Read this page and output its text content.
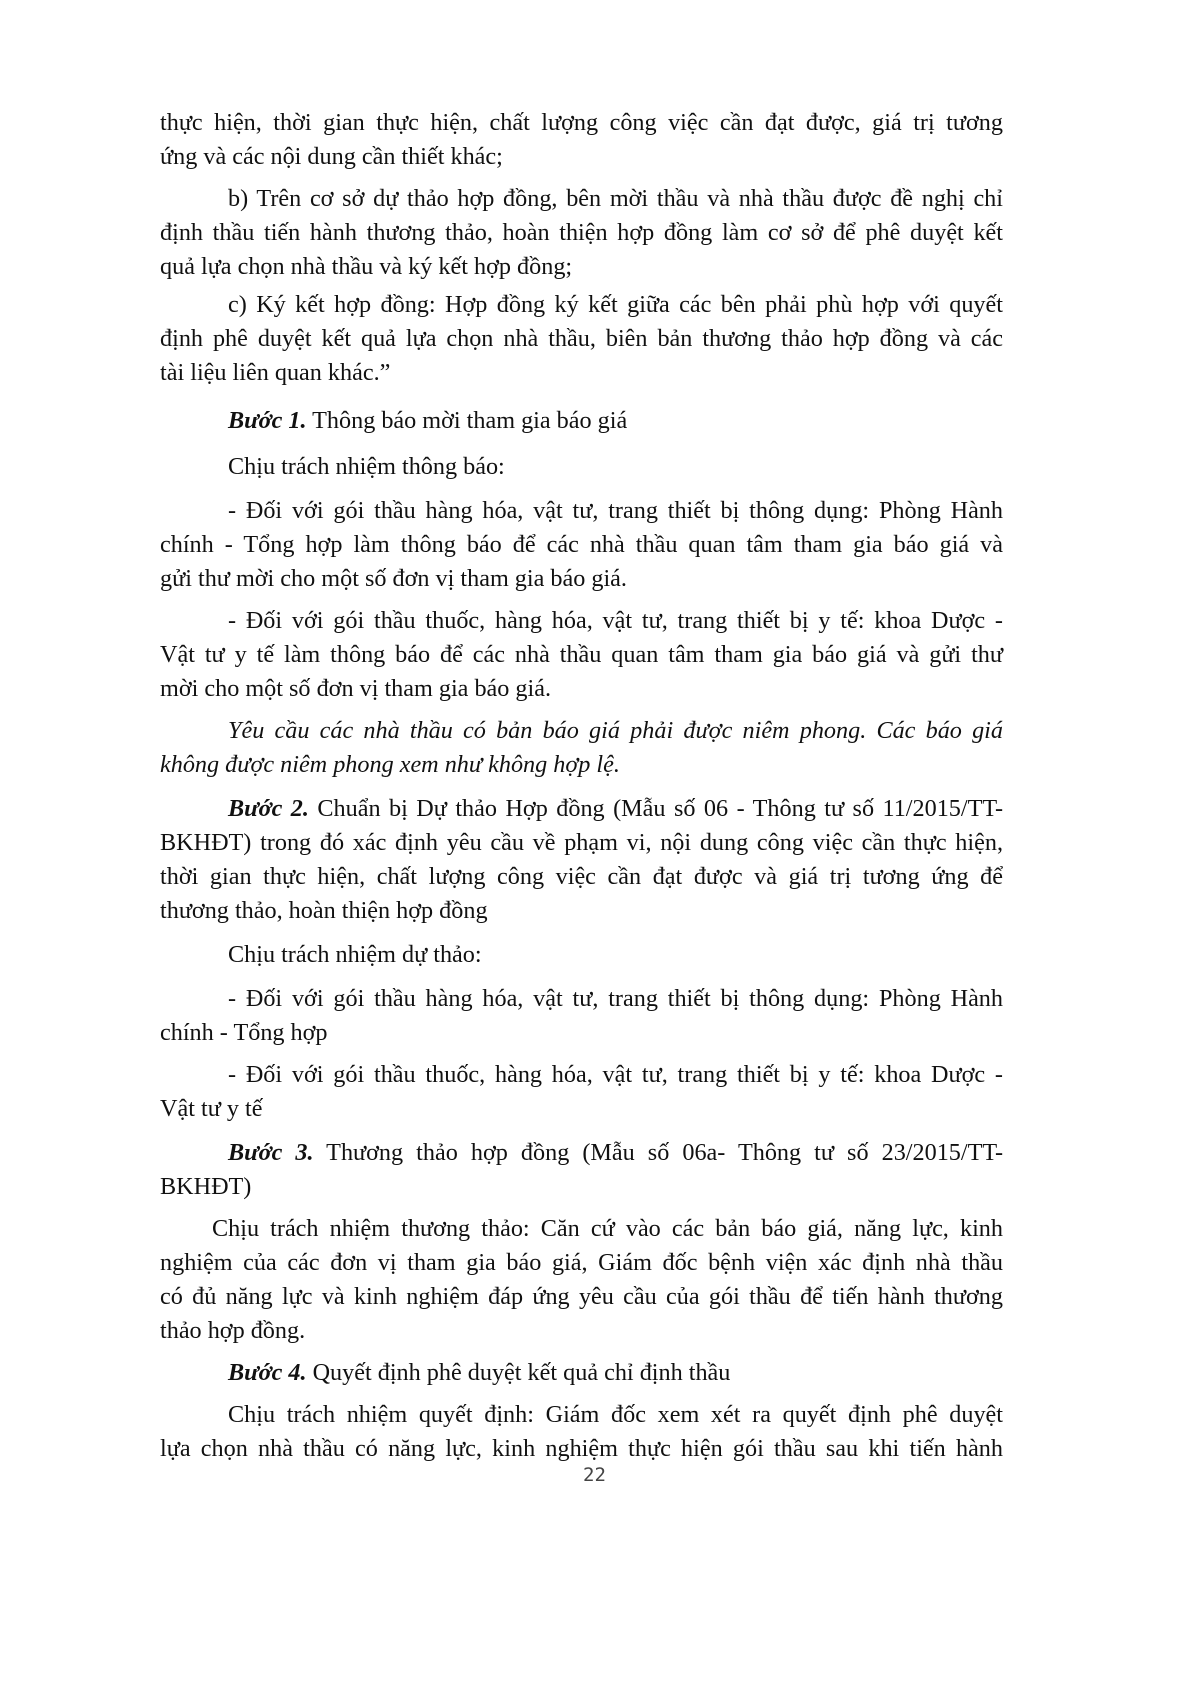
thực hiện, thời gian thực hiện, chất lượng công việc cần đạt được, giá trị tương
ứng và các nội dung cần thiết khác;
b) Trên cơ sở dự thảo hợp đồng, bên mời thầu và nhà thầu được đề nghị chỉ
định thầu tiến hành thương thảo, hoàn thiện hợp đồng làm cơ sở để phê duyệt kết
quả lựa chọn nhà thầu và ký kết hợp đồng;
c) Ký kết hợp đồng: Hợp đồng ký kết giữa các bên phải phù hợp với quyết
định phê duyệt kết quả lựa chọn nhà thầu, biên bản thương thảo hợp đồng và các
tài liệu liên quan khác.”
Bước 1. Thông báo mời tham gia báo giá
Chịu trách nhiệm thông báo:
- Đối với gói thầu hàng hóa, vật tư, trang thiết bị thông dụng: Phòng Hành
chính - Tổng hợp làm thông báo để các nhà thầu quan tâm tham gia báo giá và
gửi thư mời cho một số đơn vị tham gia báo giá.
- Đối với gói thầu thuốc, hàng hóa, vật tư, trang thiết bị y tế: khoa Dược -
Vật tư y tế làm thông báo để các nhà thầu quan tâm tham gia báo giá và gửi thư
mời cho một số đơn vị tham gia báo giá.
Yêu cầu các nhà thầu có bản báo giá phải được niêm phong. Các báo giá
không được niêm phong xem như không hợp lệ.
Bước 2. Chuẩn bị Dự thảo Hợp đồng (Mẫu số 06 - Thông tư số 11/2015/TT-
BKHĐT) trong đó xác định yêu cầu về phạm vi, nội dung công việc cần thực hiện,
thời gian thực hiện, chất lượng công việc cần đạt được và giá trị tương ứng để
thương thảo, hoàn thiện hợp đồng
Chịu trách nhiệm dự thảo:
- Đối với gói thầu hàng hóa, vật tư, trang thiết bị thông dụng: Phòng Hành
chính - Tổng hợp
- Đối với gói thầu thuốc, hàng hóa, vật tư, trang thiết bị y tế: khoa Dược -
Vật tư y tế
Bước 3. Thương thảo hợp đồng (Mẫu số 06a- Thông tư số 23/2015/TT-
BKHĐT)
Chịu trách nhiệm thương thảo: Căn cứ vào các bản báo giá, năng lực, kinh
nghiệm của các đơn vị tham gia báo giá, Giám đốc bệnh viện xác định nhà thầu
có đủ năng lực và kinh nghiệm đáp ứng yêu cầu của gói thầu để tiến hành thương
thảo hợp đồng.
Bước 4. Quyết định phê duyệt kết quả chỉ định thầu
Chịu trách nhiệm quyết định: Giám đốc xem xét ra quyết định phê duyệt
lựa chọn nhà thầu có năng lực, kinh nghiệm thực hiện gói thầu sau khi tiến hành
22
